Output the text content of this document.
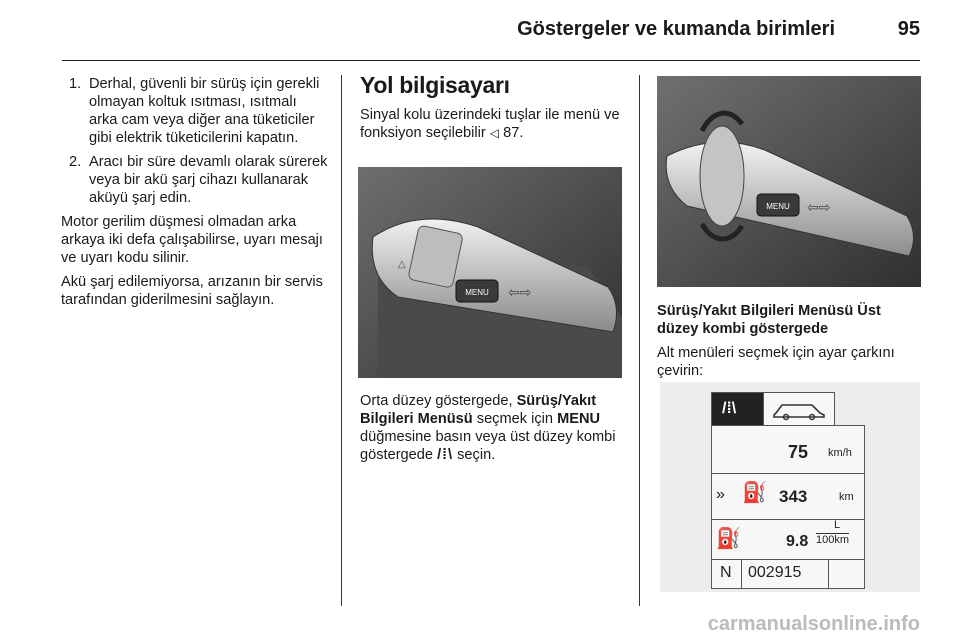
Göstergeler ve kumanda birimleri	95
1. Derhal, güvenli bir sürüş için gerekli olmayan koltuk ısıtması, ısıtmalı arka cam veya diğer ana tüketiciler gibi elektrik tüketicilerini kapatın.
2. Aracı bir süre devamlı olarak sürerek veya bir akü şarj cihazı kullanarak aküyü şarj edin.

Motor gerilim düşmesi olmadan arka arkaya iki defa çalışabilirse, uyarı mesajı ve uyarı kodu silinir.

Akü şarj edilemiyorsa, arızanın bir servis tarafından giderilmesini sağlayın.

Yol bilgisayarı

Sinyal kolu üzerindeki tuşlar ile menü ve fonksiyon seçilebilir ◁ 87.

MENU ⇦⇨
△

Orta düzey göstergede, Sürüş/Yakıt Bilgileri Menüsü seçmek için MENU düğmesine basın veya üst düzey kombi göstergede /⁞\ seçin.

MENU ⇦⇨

Sürüş/Yakıt Bilgileri Menüsü Üst düzey kombi göstergede

Alt menüleri seçmek için ayar çarkını çevirin:

/⁞\
75 km/h
» ⛽ 343	km
⛽	9.8
L
100km
N 002915
carmanualsonline.info
